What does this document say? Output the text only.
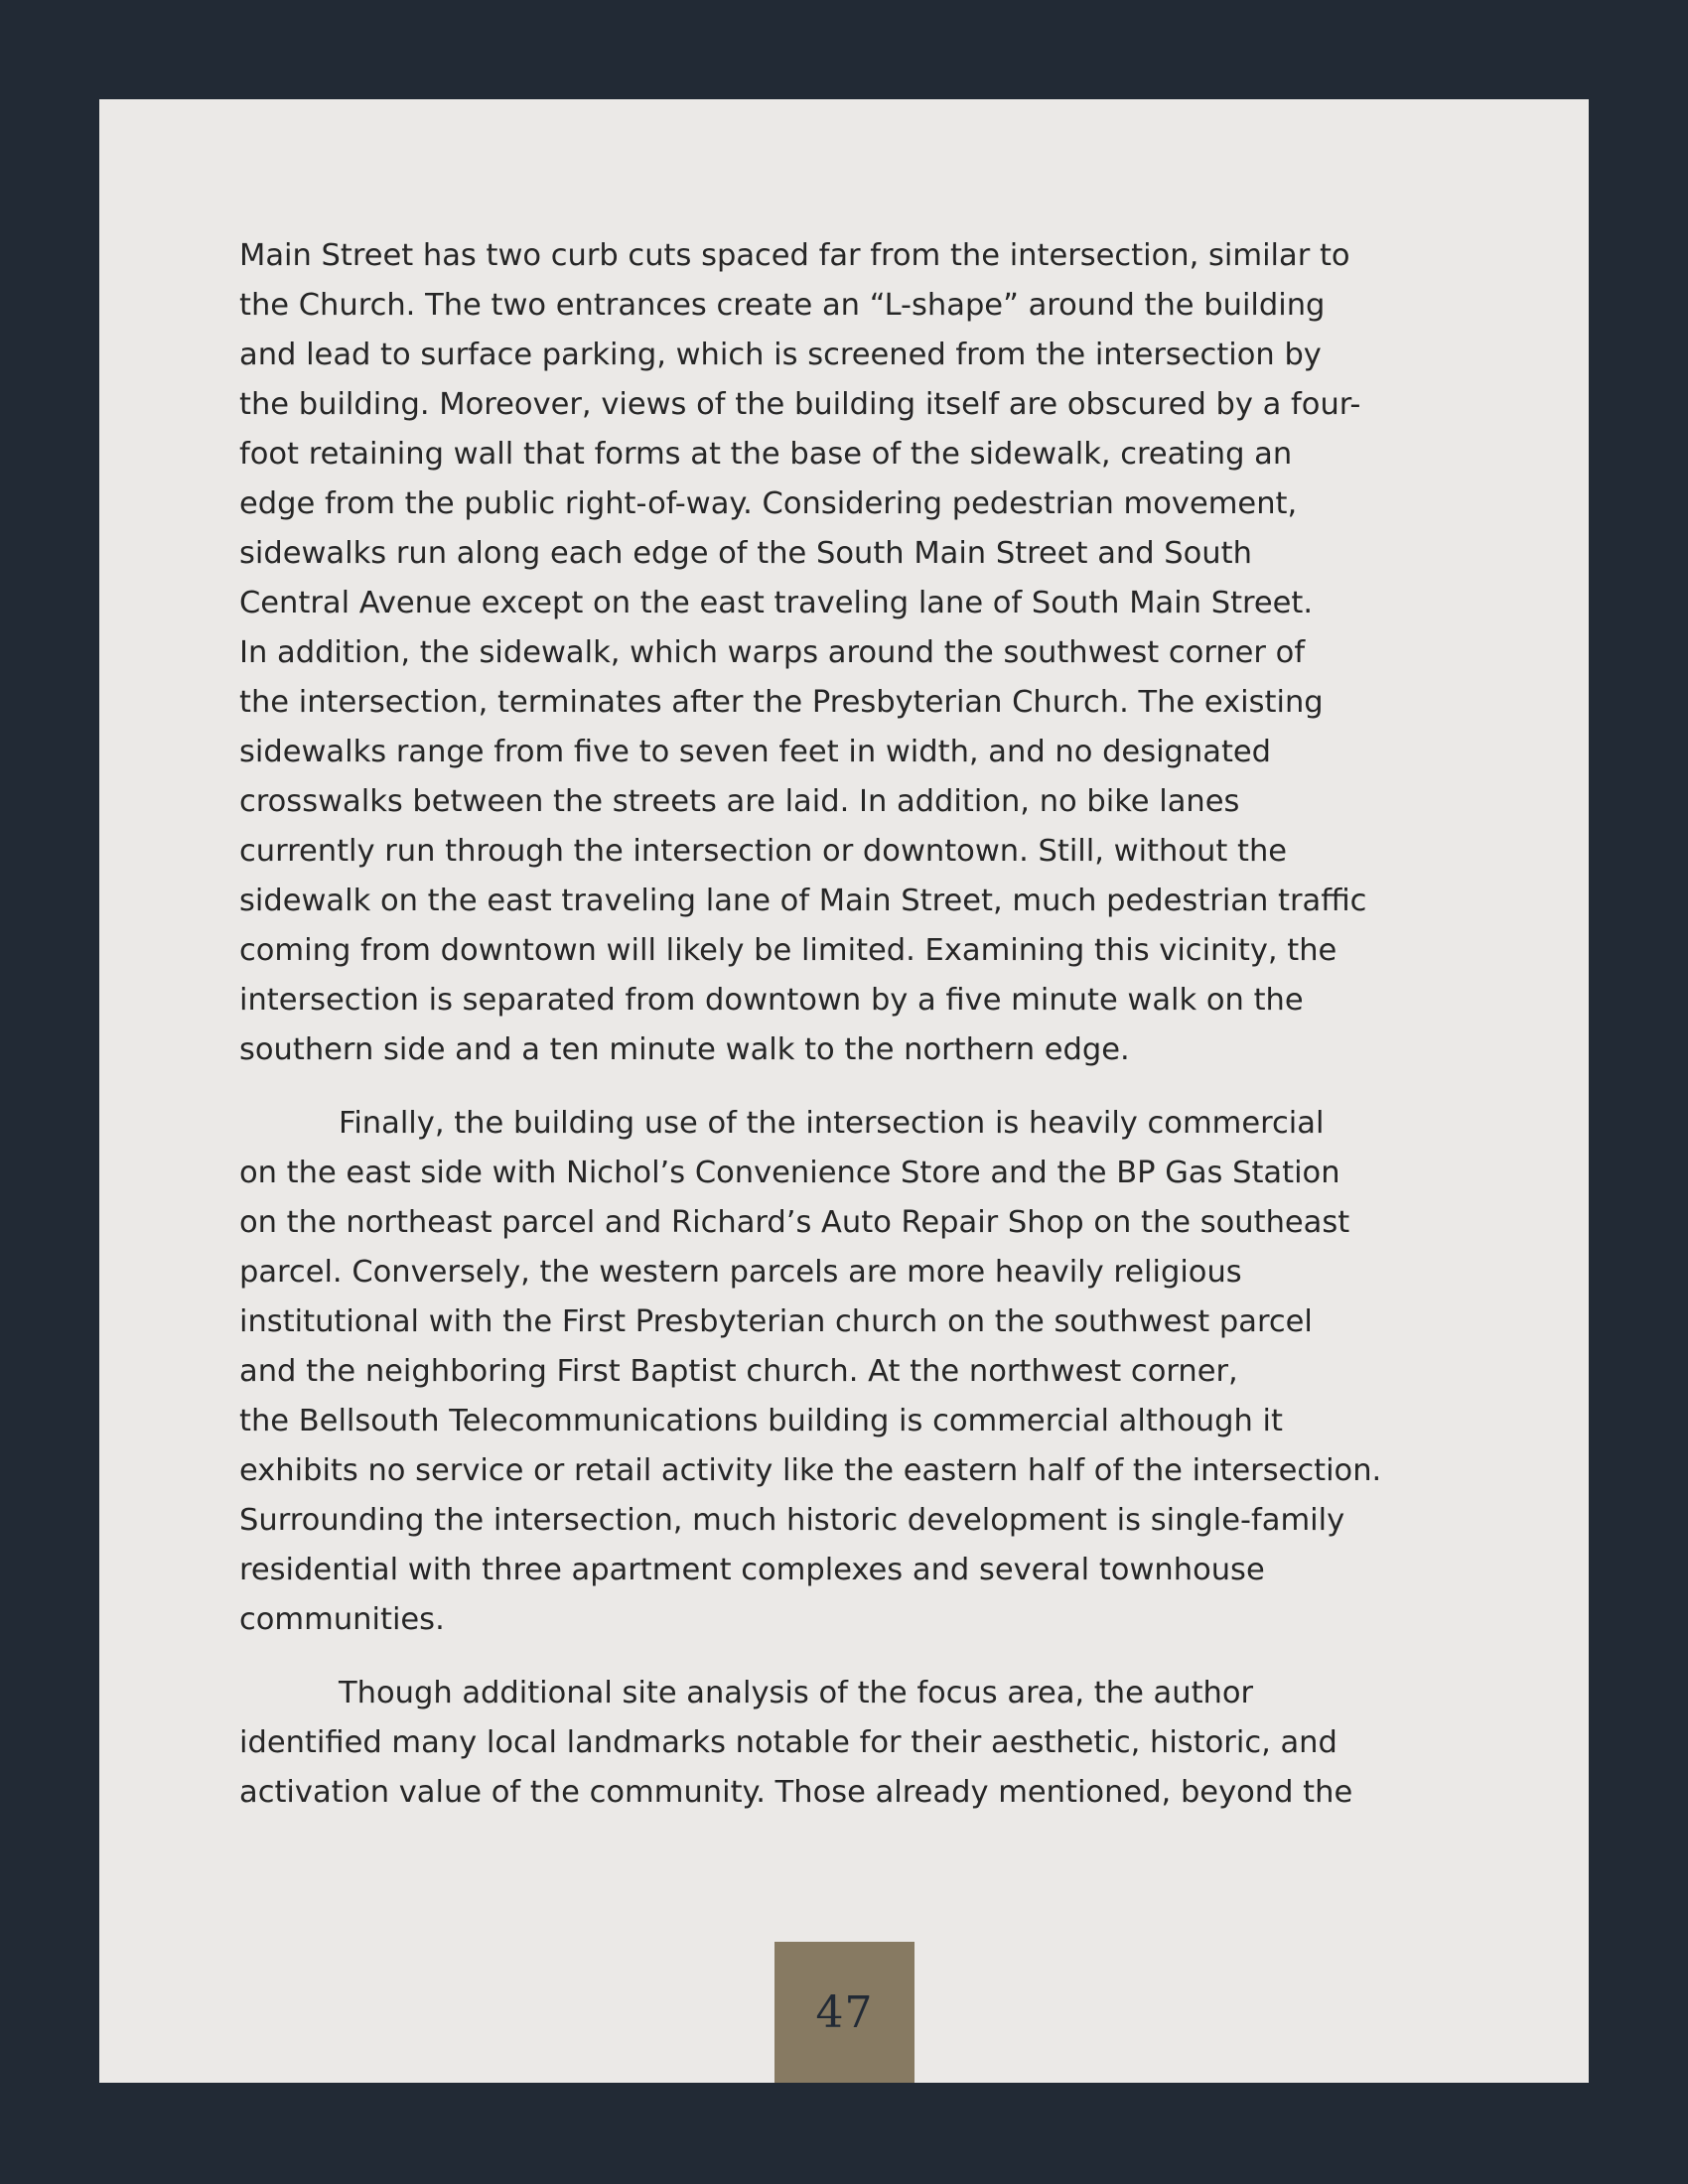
Main Street has two curb cuts spaced far from the intersection, similar to
the Church. The two entrances create an “L-shape” around the building
and lead to surface parking, which is screened from the intersection by
the building. Moreover, views of the building itself are obscured by a four-
foot retaining wall that forms at the base of the sidewalk, creating an
edge from the public right-of-way. Considering pedestrian movement,
sidewalks run along each edge of the South Main Street and South
Central Avenue except on the east traveling lane of South Main Street.
In addition, the sidewalk, which warps around the southwest corner of
the intersection, terminates after the Presbyterian Church. The existing
sidewalks range from five to seven feet in width, and no designated
crosswalks between the streets are laid. In addition, no bike lanes
currently run through the intersection or downtown. Still, without the
sidewalk on the east traveling lane of Main Street, much pedestrian traffic
coming from downtown will likely be limited. Examining this vicinity, the
intersection is separated from downtown by a five minute walk on the
southern side and a ten minute walk to the northern edge.

Finally, the building use of the intersection is heavily commercial
on the east side with Nichol’s Convenience Store and the BP Gas Station
on the northeast parcel and Richard’s Auto Repair Shop on the southeast
parcel. Conversely, the western parcels are more heavily religious
institutional with the First Presbyterian church on the southwest parcel
and the neighboring First Baptist church. At the northwest corner,
the Bellsouth Telecommunications building is commercial although it
exhibits no service or retail activity like the eastern half of the intersection.
Surrounding the intersection, much historic development is single-family
residential with three apartment complexes and several townhouse
communities.

Though additional site analysis of the focus area, the author
identified many local landmarks notable for their aesthetic, historic, and
activation value of the community. Those already mentioned, beyond the

47
